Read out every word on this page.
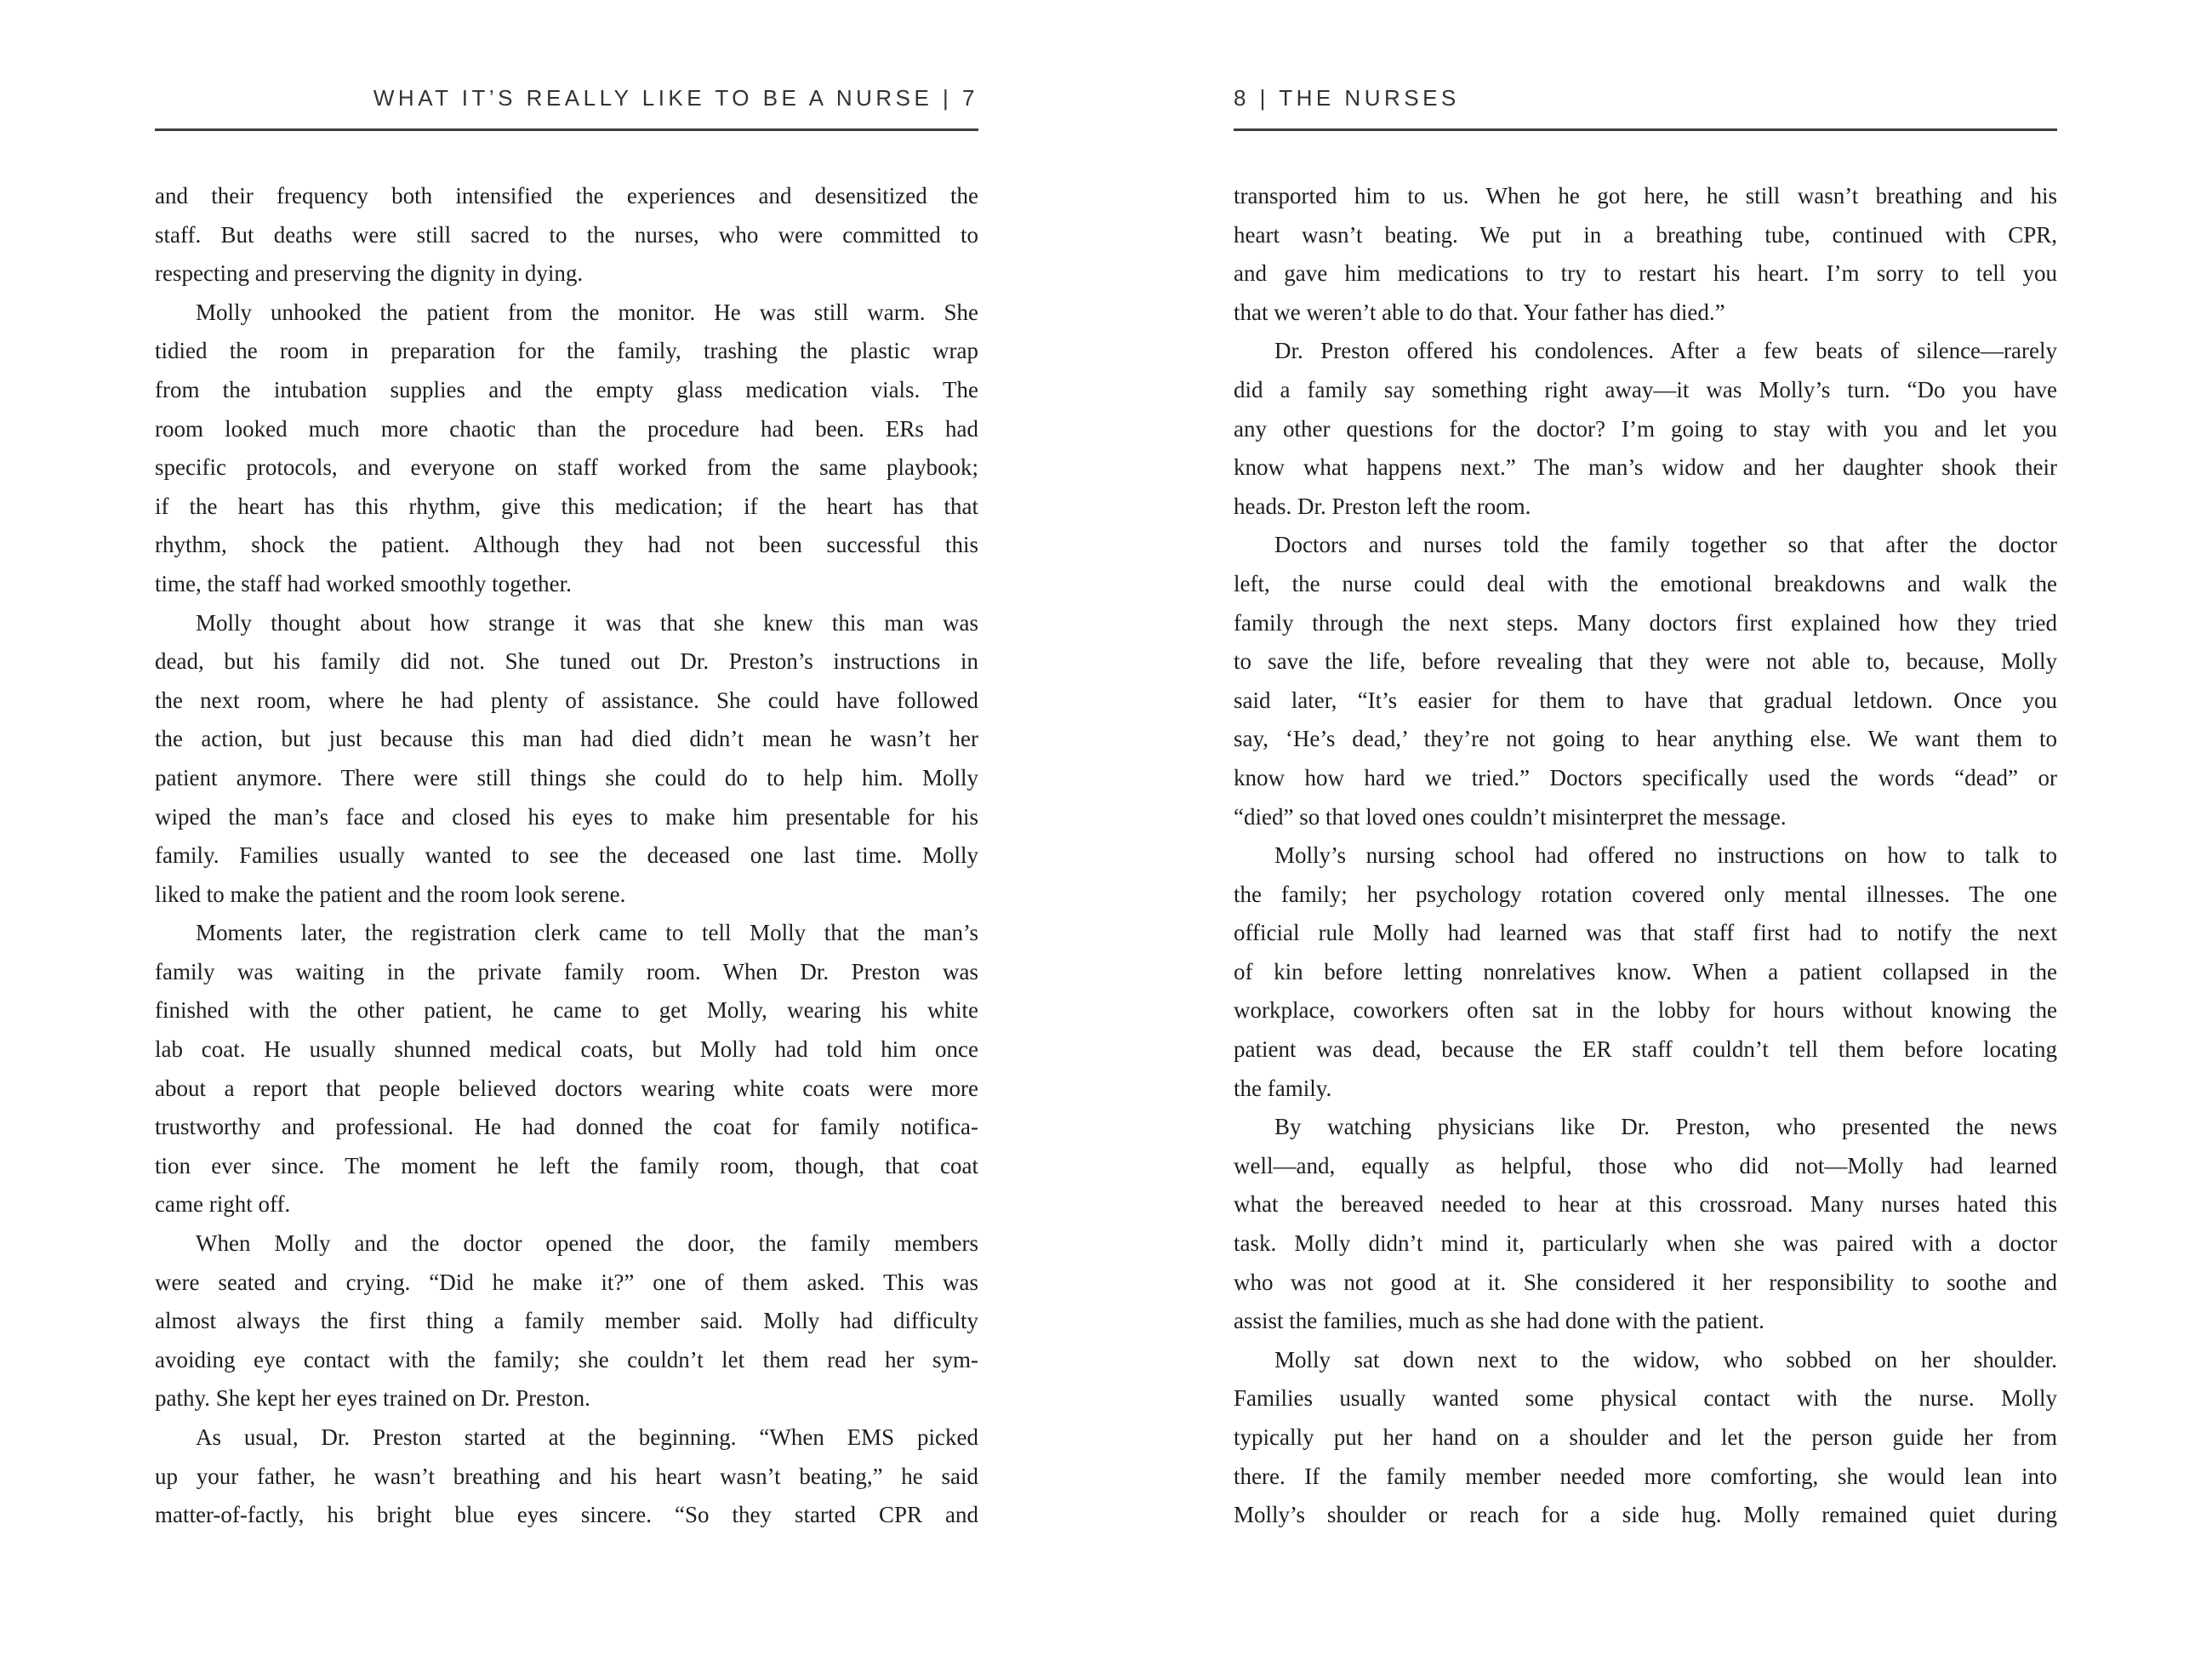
WHAT IT’S REALLY LIKE TO BE A NURSE | 7
and their frequency both intensified the experiences and desensitized the
staff. But deaths were still sacred to the nurses, who were committed to
respecting and preserving the dignity in dying.
Molly unhooked the patient from the monitor. He was still warm. She
tidied the room in preparation for the family, trashing the plastic wrap
from the intubation supplies and the empty glass medication vials. The
room looked much more chaotic than the procedure had been. ERs had
specific protocols, and everyone on staff worked from the same playbook;
if the heart has this rhythm, give this medication; if the heart has that
rhythm, shock the patient. Although they had not been successful this
time, the staff had worked smoothly together.
Molly thought about how strange it was that she knew this man was
dead, but his family did not. She tuned out Dr. Preston’s instructions in
the next room, where he had plenty of assistance. She could have followed
the action, but just because this man had died didn’t mean he wasn’t her
patient anymore. There were still things she could do to help him. Molly
wiped the man’s face and closed his eyes to make him presentable for his
family. Families usually wanted to see the deceased one last time. Molly
liked to make the patient and the room look serene.
Moments later, the registration clerk came to tell Molly that the man’s
family was waiting in the private family room. When Dr. Preston was
finished with the other patient, he came to get Molly, wearing his white
lab coat. He usually shunned medical coats, but Molly had told him once
about a report that people believed doctors wearing white coats were more
trustworthy and professional. He had donned the coat for family notifica-
tion ever since. The moment he left the family room, though, that coat
came right off.
When Molly and the doctor opened the door, the family members
were seated and crying. “Did he make it?” one of them asked. This was
almost always the first thing a family member said. Molly had difficulty
avoiding eye contact with the family; she couldn’t let them read her sym-
pathy. She kept her eyes trained on Dr. Preston.
As usual, Dr. Preston started at the beginning. “When EMS picked
up your father, he wasn’t breathing and his heart wasn’t beating,” he said
matter-of-factly, his bright blue eyes sincere. “So they started CPR and
8 | THE NURSES
transported him to us. When he got here, he still wasn’t breathing and his
heart wasn’t beating. We put in a breathing tube, continued with CPR,
and gave him medications to try to restart his heart. I’m sorry to tell you
that we weren’t able to do that. Your father has died.”
Dr. Preston offered his condolences. After a few beats of silence—rarely
did a family say something right away—it was Molly’s turn. “Do you have
any other questions for the doctor? I’m going to stay with you and let you
know what happens next.” The man’s widow and her daughter shook their
heads. Dr. Preston left the room.
Doctors and nurses told the family together so that after the doctor
left, the nurse could deal with the emotional breakdowns and walk the
family through the next steps. Many doctors first explained how they tried
to save the life, before revealing that they were not able to, because, Molly
said later, “It’s easier for them to have that gradual letdown. Once you
say, ‘He’s dead,’ they’re not going to hear anything else. We want them to
know how hard we tried.” Doctors specifically used the words “dead” or
“died” so that loved ones couldn’t misinterpret the message.
Molly’s nursing school had offered no instructions on how to talk to
the family; her psychology rotation covered only mental illnesses. The one
official rule Molly had learned was that staff first had to notify the next
of kin before letting nonrelatives know. When a patient collapsed in the
workplace, coworkers often sat in the lobby for hours without knowing the
patient was dead, because the ER staff couldn’t tell them before locating
the family.
By watching physicians like Dr. Preston, who presented the news
well—and, equally as helpful, those who did not—Molly had learned
what the bereaved needed to hear at this crossroad. Many nurses hated this
task. Molly didn’t mind it, particularly when she was paired with a doctor
who was not good at it. She considered it her responsibility to soothe and
assist the families, much as she had done with the patient.
Molly sat down next to the widow, who sobbed on her shoulder.
Families usually wanted some physical contact with the nurse. Molly
typically put her hand on a shoulder and let the person guide her from
there. If the family member needed more comforting, she would lean into
Molly’s shoulder or reach for a side hug. Molly remained quiet during
